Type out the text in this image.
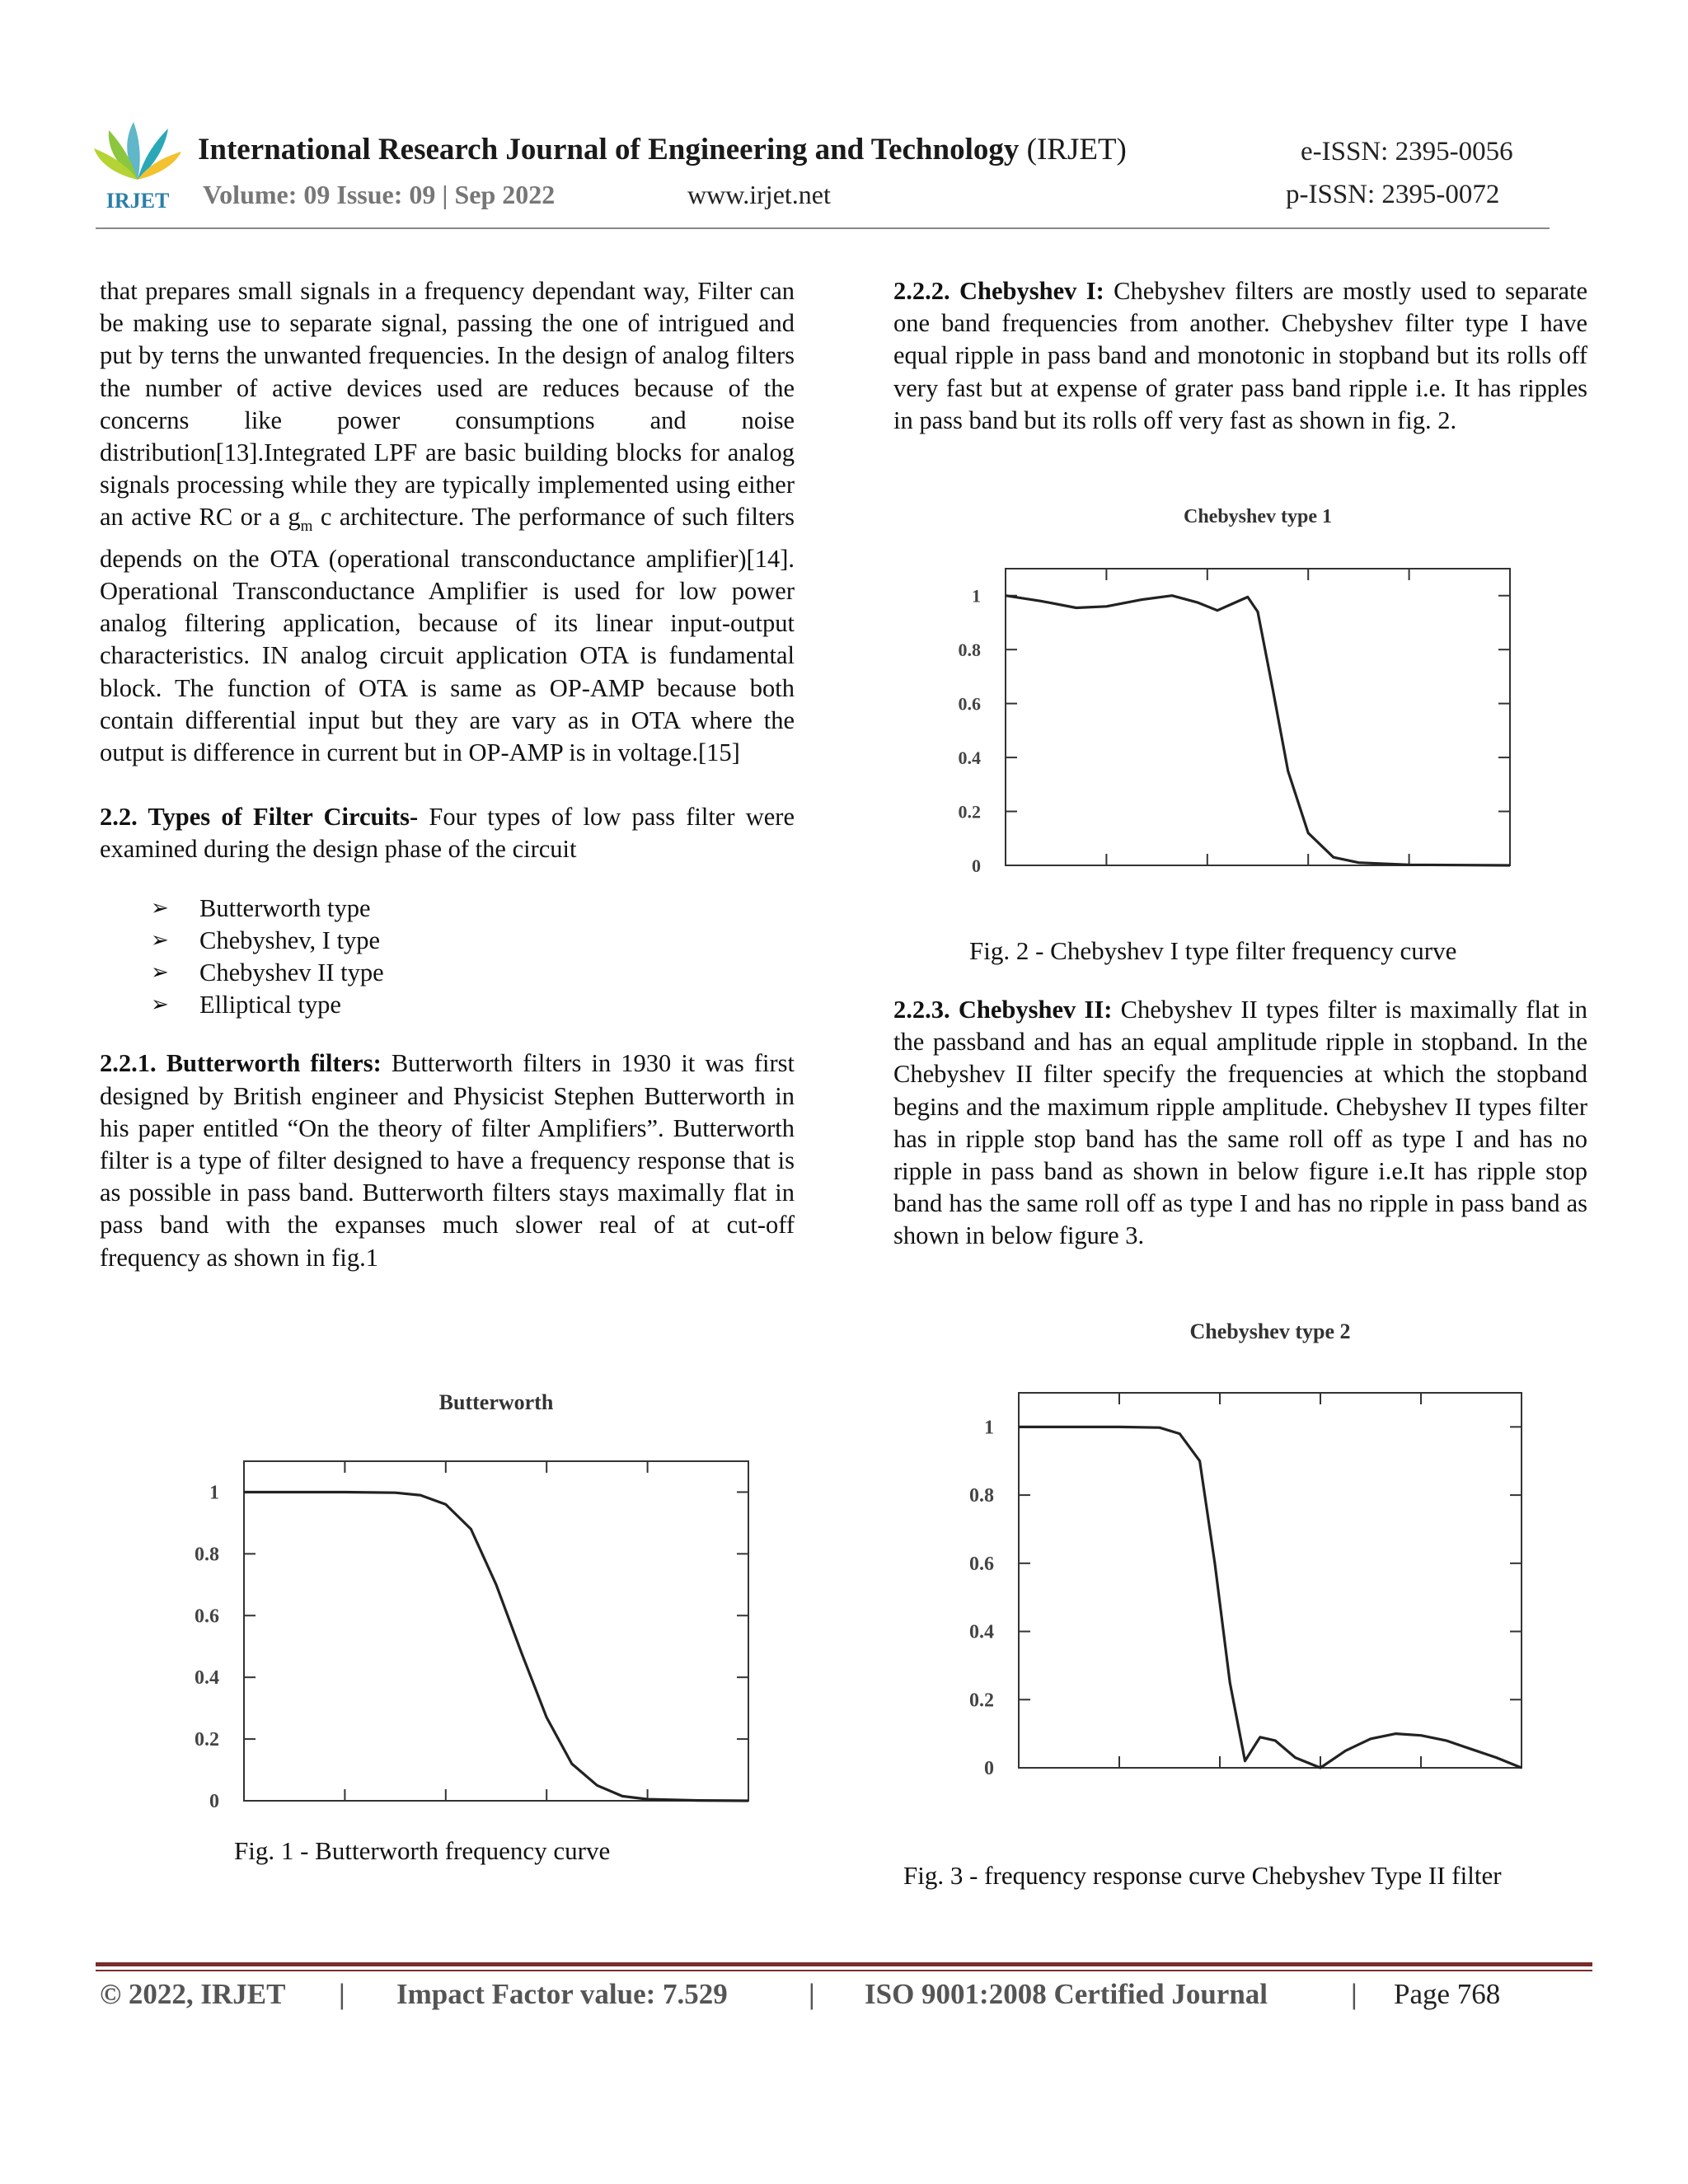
IRJET
International Research Journal of Engineering and Technology (IRJET)
Volume: 09 Issue: 09 | Sep 2022	www.irjet.net
e-ISSN: 2395-0056
p-ISSN: 2395-0072

that prepares small signals in a frequency dependant way, Filter can be making use to separate signal, passing the one of intrigued and put by terns the unwanted frequencies. In the design of analog filters the number of active devices used are reduces because of the concerns like power consumptions and noise distribution[13].Integrated LPF are basic building blocks for analog signals processing while they are typically implemented using either an active RC or a $g_m$ c architecture. The performance of such filters depends on the OTA (operational transconductance amplifier)[14]. Operational Transconductance Amplifier is used for low power analog filtering application, because of its linear input-output characteristics. IN analog circuit application OTA is fundamental block. The function of OTA is same as OP-AMP because both contain differential input but they are vary as in OTA where the output is difference in current but in OP-AMP is in voltage.[15]

2.2. Types of Filter Circuits- Four types of low pass filter were examined during the design phase of the circuit

➢ Butterworth type
➢ Chebyshev, I type
➢ Chebyshev II type
➢ Elliptical type

2.2.1. Butterworth filters: Butterworth filters in 1930 it was first designed by British engineer and Physicist Stephen Butterworth in his paper entitled “On the theory of filter Amplifiers”. Butterworth filter is a type of filter designed to have a frequency response that is as possible in pass band. Butterworth filters stays maximally flat in pass band with the expanses much slower real of at cut-off frequency as shown in fig.1

2.2.2. Chebyshev I: Chebyshev filters are mostly used to separate one band frequencies from another. Chebyshev filter type I have equal ripple in pass band and monotonic in stopband but its rolls off very fast but at expense of grater pass band ripple i.e. It has ripples in pass band but its rolls off very fast as shown in fig. 2.

2.2.3. Chebyshev II: Chebyshev II types filter is maximally flat in the passband and has an equal amplitude ripple in stopband. In the Chebyshev II filter specify the frequencies at which the stopband begins and the maximum ripple amplitude. Chebyshev II types filter has in ripple stop band has the same roll off as type I and has no ripple in pass band as shown in below figure i.e.It has ripple stop band has the same roll off as type I and has no ripple in pass band as shown in below figure 3.

Butterworth
0
0.2
0.4
0.6
0.8
1
Fig. 1 - Butterworth frequency curve
Chebyshev type 1
0
0.2
0.4
0.6
0.8
1
Fig. 2 - Chebyshev I type filter frequency curve
Chebyshev type 2
0
0.2
0.4
0.6
0.8
1
Fig. 3 - frequency response curve Chebyshev Type II filter
© 2022, IRJET | Impact Factor value: 7.529	| ISO 9001:2008 Certified Journal	| Page 768
